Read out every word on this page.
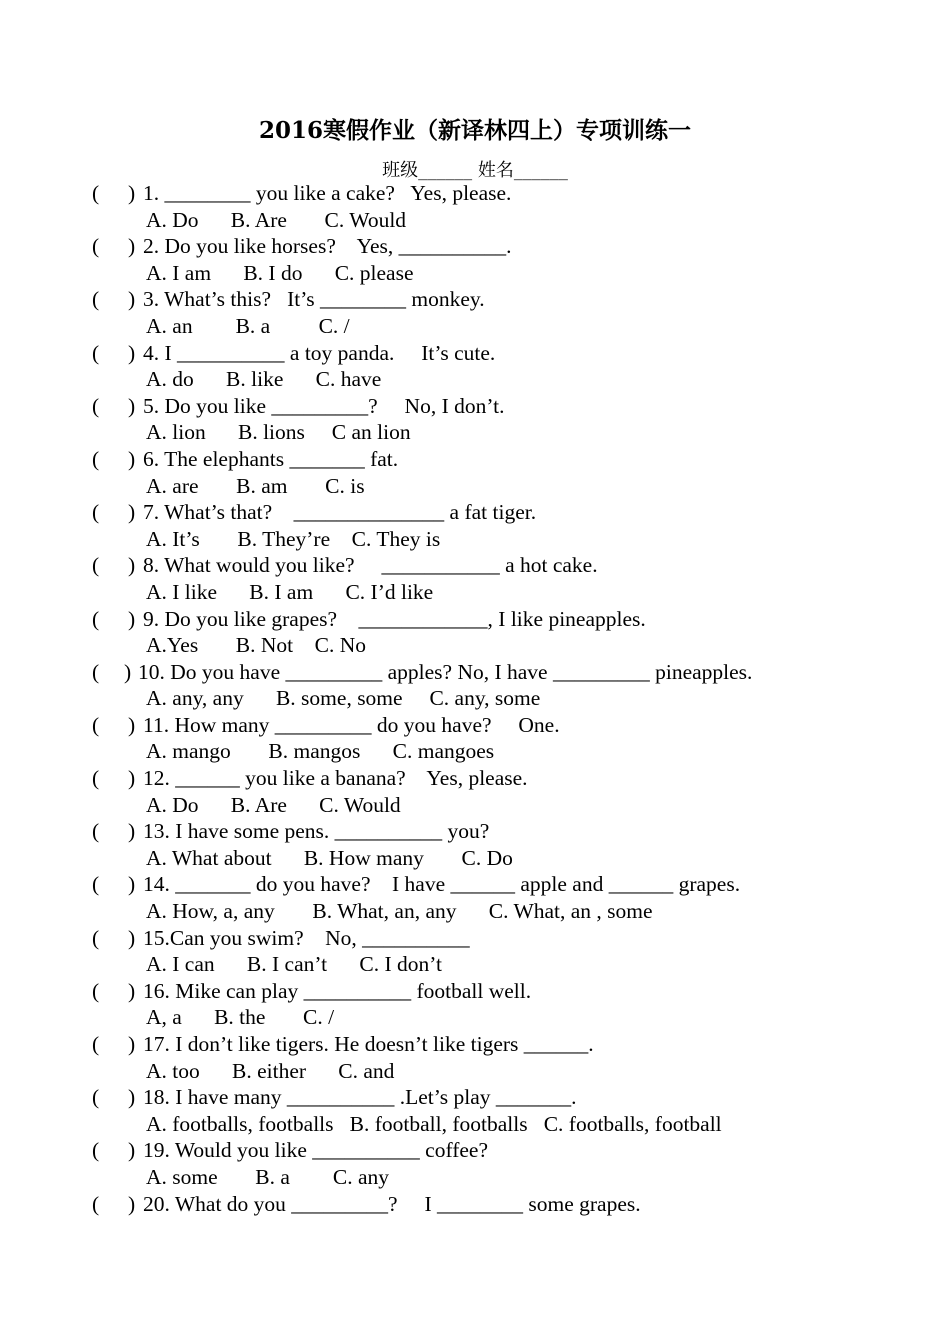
2016寒假作业（新译林四上）专项训练一
班级______ 姓名______
( ) 1. ________ you like a cake?   Yes, please.
A. Do      B. Are       C. Would
( ) 2. Do you like horses?    Yes, __________.
A. I am      B. I do      C. please
( ) 3. What’s this?   It’s ________ monkey.
A. an        B. a         C. /
( ) 4. I __________ a toy panda.     It’s cute.
A. do      B. like      C. have
( ) 5. Do you like _________?     No, I don’t.
A. lion      B. lions     C an lion
( ) 6. The elephants _______ fat.
A. are       B. am       C. is
( ) 7. What’s that?    ______________ a fat tiger.
A. It’s       B. They’re    C. They is
( ) 8. What would you like?     ___________ a hot cake.
A. I like      B. I am      C. I’d like
( ) 9. Do you like grapes?    ____________, I like pineapples.
A.Yes       B. Not    C. No
( ) 10. Do you have _________ apples? No, I have _________ pineapples.
A. any, any      B. some, some     C. any, some
( ) 11. How many _________ do you have?     One.
A. mango       B. mangos      C. mangoes
( ) 12. ______ you like a banana?    Yes, please.
A. Do      B. Are      C. Would
( ) 13. I have some pens. __________ you?
A. What about      B. How many       C. Do
( ) 14. _______ do you have?    I have ______ apple and ______ grapes.
A. How, a, any       B. What, an, any      C. What, an , some
( ) 15.Can you swim?    No, __________
A. I can      B. I can’t      C. I don’t
( ) 16. Mike can play __________ football well.
A, a      B. the       C. /
( ) 17. I don’t like tigers. He doesn’t like tigers ______.
A. too      B. either      C. and
( ) 18. I have many __________ .Let’s play _______.
A. footballs, footballs   B. football, footballs   C. footballs, football
( ) 19. Would you like __________ coffee?
A. some       B. a        C. any
( ) 20. What do you _________?     I ________ some grapes.
